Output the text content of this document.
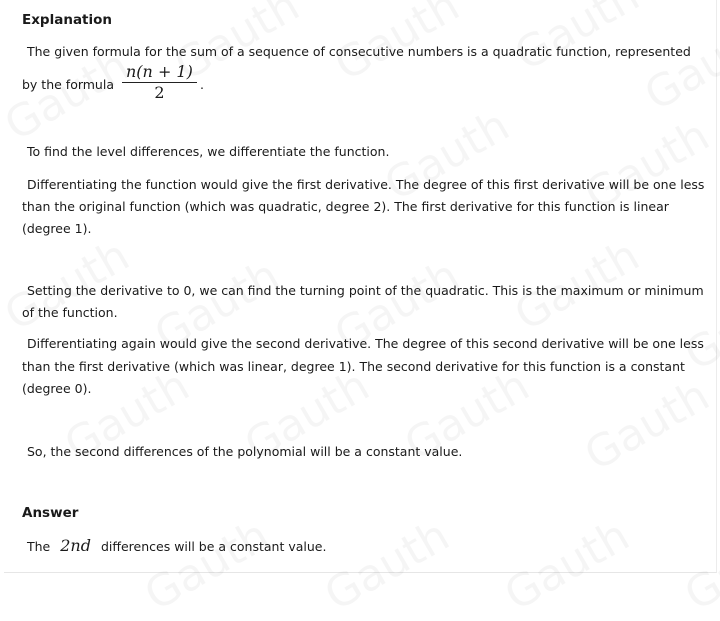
Explanation
The given formula for the sum of a sequence of consecutive numbers is a quadratic function, represented
by the formula $\frac{n(n + 1)}{2}$ .
To find the level differences, we differentiate the function.
Differentiating the function would give the first derivative. The degree of this first derivative will be one less
than the original function (which was quadratic, degree 2). The first derivative for this function is linear
(degree 1).
Setting the derivative to 0, we can find the turning point of the quadratic. This is the maximum or minimum
of the function.
Differentiating again would give the second derivative. The degree of this second derivative will be one less
than the first derivative (which was linear, degree 1). The second derivative for this function is a constant
(degree 0).
So, the second differences of the polynomial will be a constant value.
Answer
The 2nd differences will be a constant value.
